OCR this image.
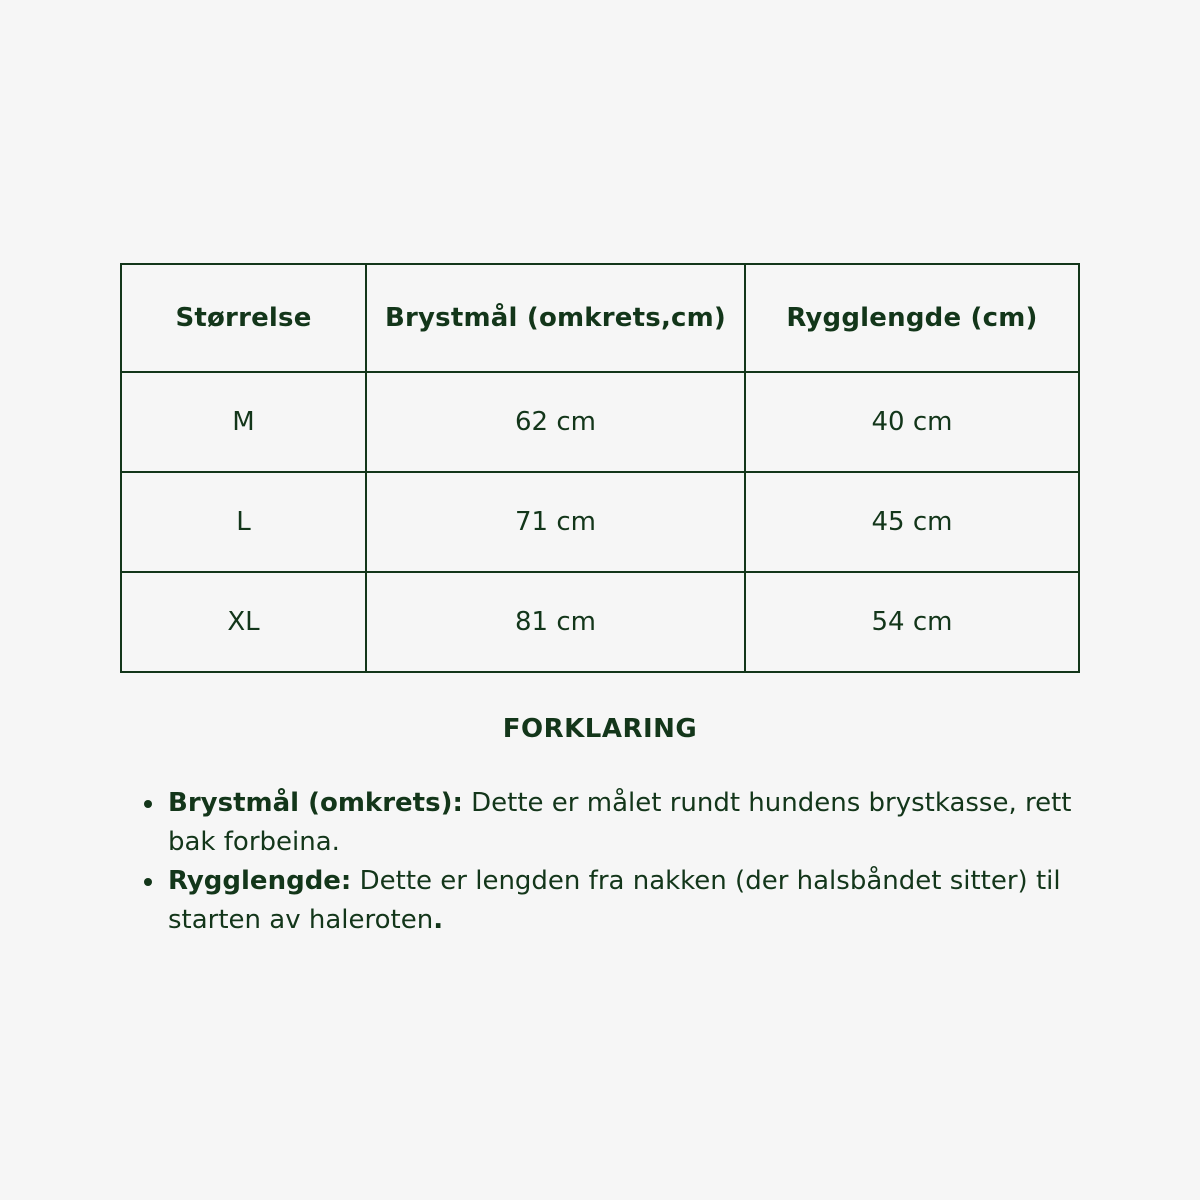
Størrelse	Brystmål (omkrets,cm)	Rygglengde (cm)
M	62 cm	40 cm
L	71 cm	45 cm
XL	81 cm	54 cm
FORKLARING
Brystmål (omkrets): Dette er målet rundt hundens brystkasse, rett bak forbeina.
Rygglengde: Dette er lengden fra nakken (der halsbåndet sitter) til starten av haleroten.
